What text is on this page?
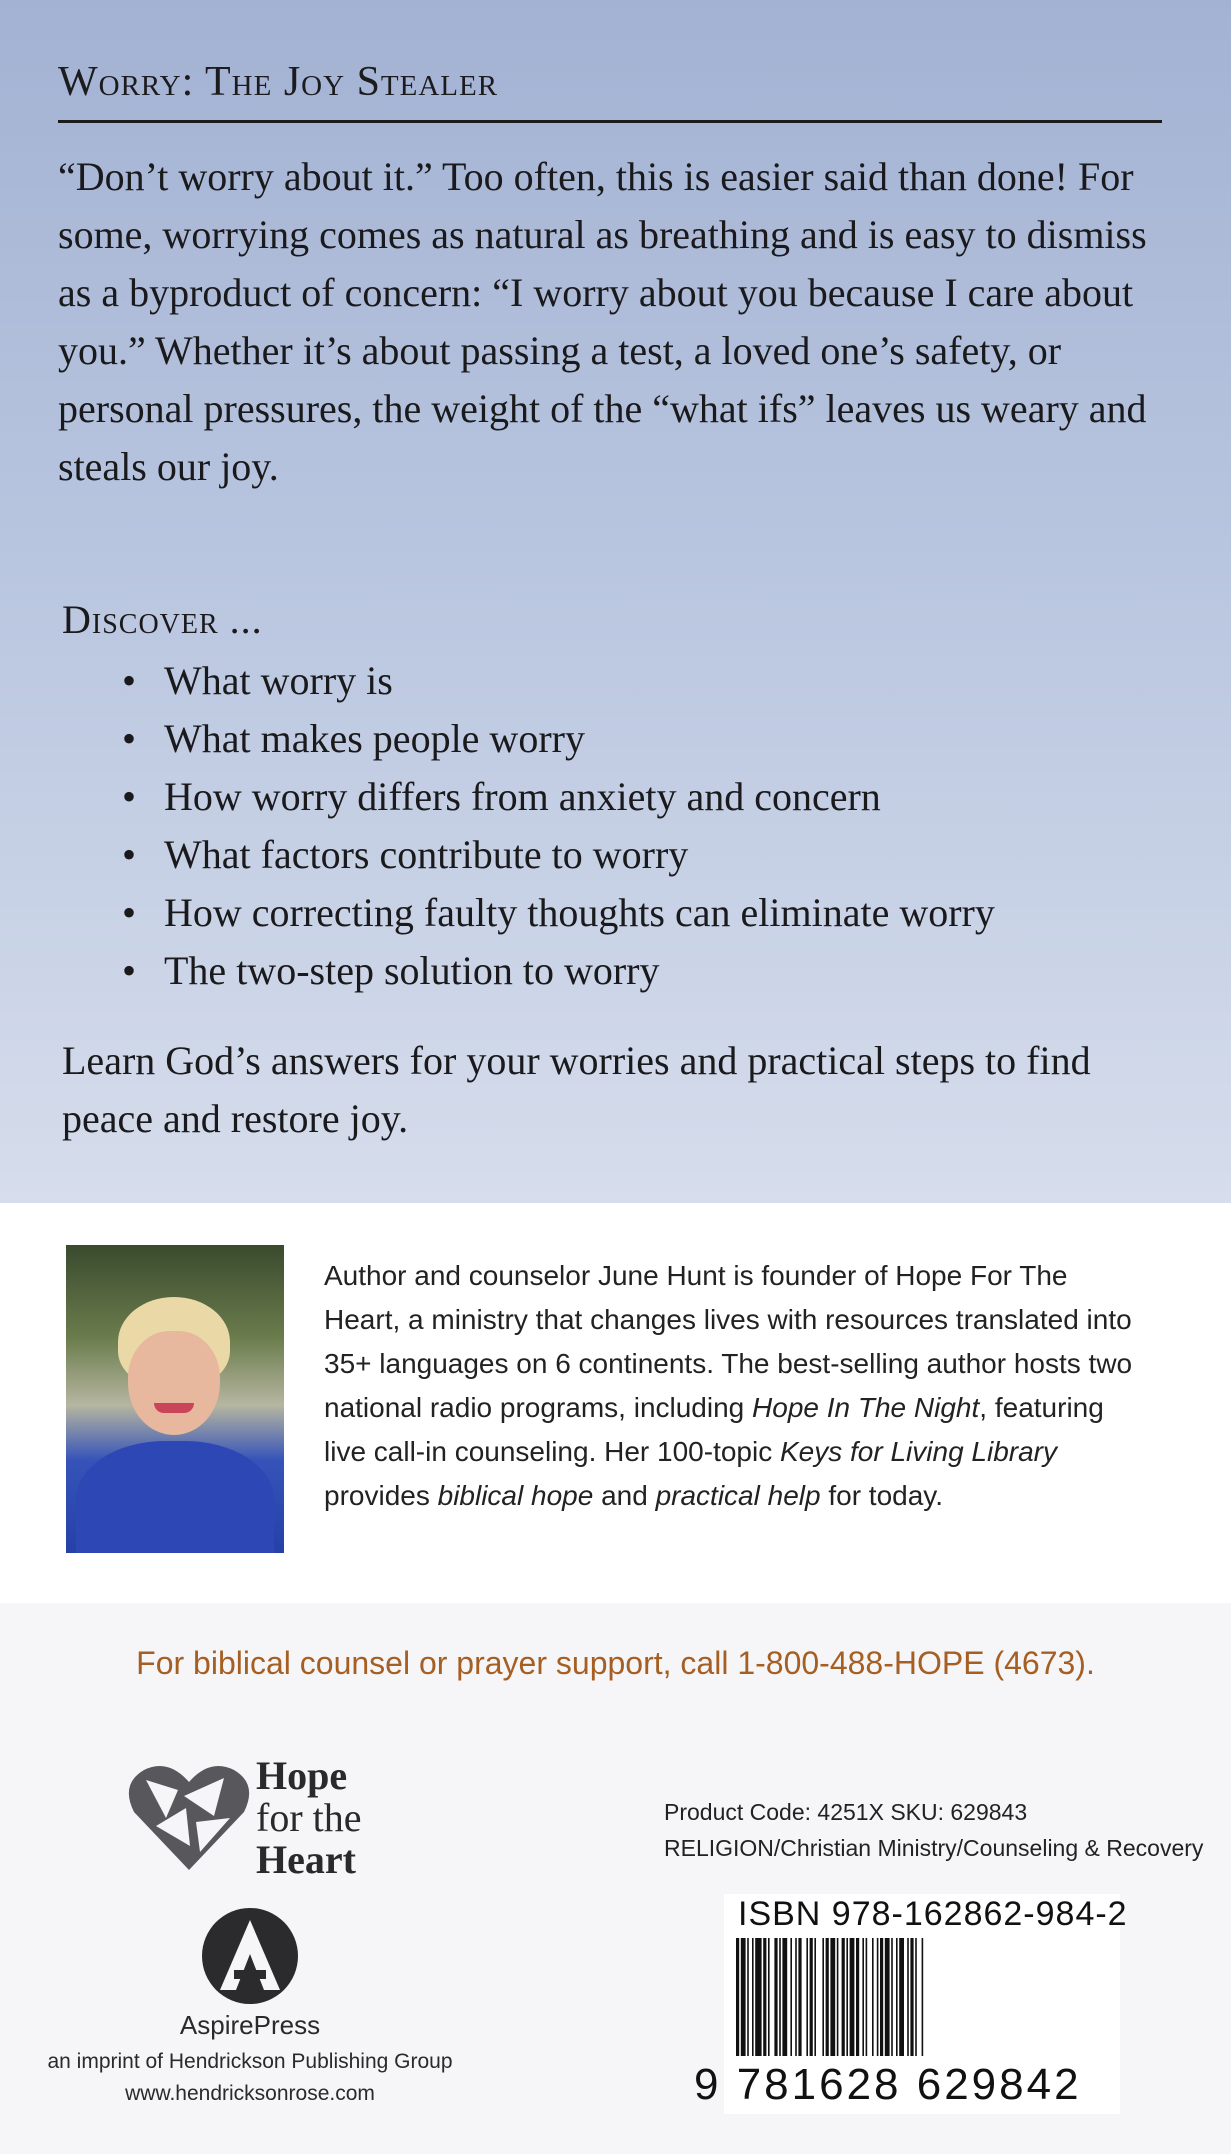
Worry: The Joy Stealer
“Don’t worry about it.” Too often, this is easier said than done! For some, worrying comes as natural as breathing and is easy to dismiss as a byproduct of concern: “I worry about you because I care about you.” Whether it’s about passing a test, a loved one’s safety, or personal pressures, the weight of the “what ifs” leaves us weary and steals our joy.
Discover ...
• What worry is
• What makes people worry
• How worry differs from anxiety and concern
• What factors contribute to worry
• How correcting faulty thoughts can eliminate worry
• The two-step solution to worry
Learn God’s answers for your worries and practical steps to find peace and restore joy.
Author and counselor June Hunt is founder of Hope For The Heart, a ministry that changes lives with resources translated into 35+ languages on 6 continents. The best-selling author hosts two national radio programs, including Hope In The Night, featuring live call-in counseling. Her 100-topic Keys for Living Library provides biblical hope and practical help for today.
For biblical counsel or prayer support, call 1-800-488-HOPE (4673).
Hope
for the
Heart
AspirePress
an imprint of Hendrickson Publishing Group
www.hendricksonrose.com
Product Code: 4251X SKU: 629843
RELIGION/Christian Ministry/Counseling & Recovery
ISBN 978-162862-984-2
9 781628 629842
